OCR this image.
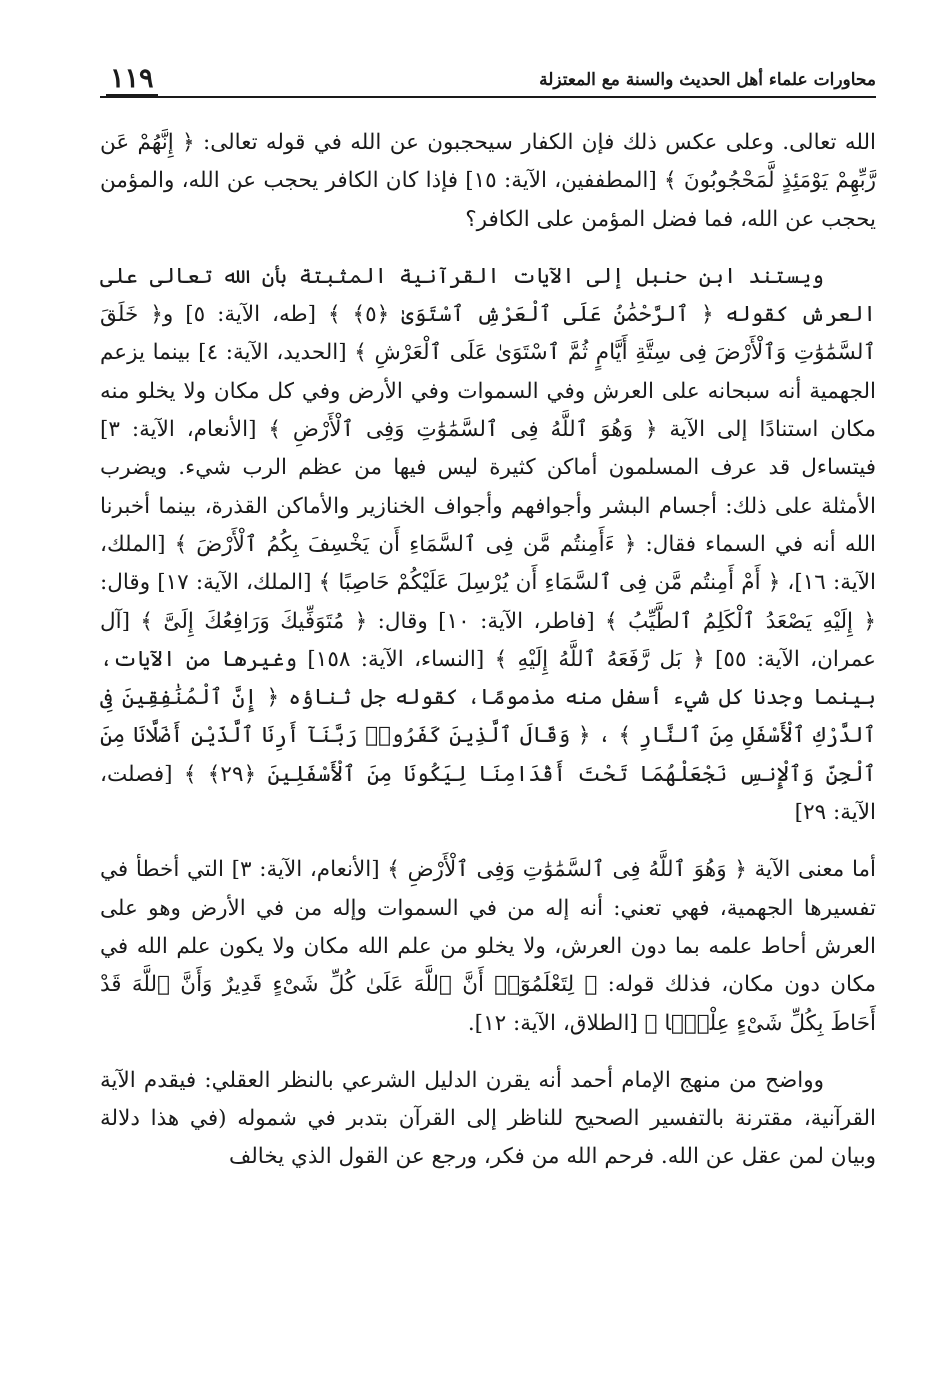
محاورات علماء أهل الحديث والسنة مع المعتزلة
١١٩

الله تعالى. وعلى عكس ذلك فإن الكفار سيحجبون عن الله في قوله تعالى: ﴿ إِنَّهُمْ عَن رَّبِّهِمْ يَوْمَئِذٍ لَّمَحْجُوبُونَ ﴾ [المطففين، الآية: ١٥] فإذا كان الكافر يحجب عن الله، والمؤمن يحجب عن الله، فما فضل المؤمن على الكافر؟

ويستند ابن حنبل إلى الآيات القرآنية المثبتة بأن الله تعالى على العرش كقوله ﴿ ٱلرَّحْمَٰنُ عَلَى ٱلْعَرْشِ ٱسْتَوَىٰ ﴿٥﴾ ﴾ [طه، الآية: ٥] و﴿ خَلَقَ ٱلسَّمَٰوَٰتِ وَٱلْأَرْضَ فِى سِتَّةِ أَيَّامٍ ثُمَّ ٱسْتَوَىٰ عَلَى ٱلْعَرْشِ ﴾ [الحديد، الآية: ٤] بينما يزعم الجهمية أنه سبحانه على العرش وفي السموات وفي الأرض وفي كل مكان ولا يخلو منه مكان استنادًا إلى الآية ﴿ وَهُوَ ٱللَّهُ فِى ٱلسَّمَٰوَٰتِ وَفِى ٱلْأَرْضِ ﴾ [الأنعام، الآية: ٣] فيتساءل قد عرف المسلمون أماكن كثيرة ليس فيها من عظم الرب شيء. ويضرب الأمثلة على ذلك: أجسام البشر وأجوافهم وأجواف الخنازير والأماكن القذرة، بينما أخبرنا الله أنه في السماء فقال: ﴿ ءَأَمِنتُم مَّن فِى ٱلسَّمَاءِ أَن يَخْسِفَ بِكُمُ ٱلْأَرْضَ ﴾ [الملك، الآية: ١٦]، ﴿ أَمْ أَمِنتُم مَّن فِى ٱلسَّمَاءِ أَن يُرْسِلَ عَلَيْكُمْ حَاصِبًا ﴾ [الملك، الآية: ١٧] وقال: ﴿ إِلَيْهِ يَصْعَدُ ٱلْكَلِمُ ٱلطَّيِّبُ ﴾ [فاطر، الآية: ١٠] وقال: ﴿ مُتَوَفِّيكَ وَرَافِعُكَ إِلَىَّ ﴾ [آل عمران، الآية: ٥٥] ﴿ بَل رَّفَعَهُ ٱللَّهُ إِلَيْهِ ﴾ [النساء، الآية: ١٥٨] وغيرها من الآيات، بينما وجدنا كل شيء أسفل منه مذمومًا، كقوله جل ثناؤه ﴿ إِنَّ ٱلْمُنَٰفِقِينَ فِى ٱلدَّرْكِ ٱلْأَسْفَلِ مِنَ ٱلنَّارِ ﴾ ، ﴿ وَقَالَ ٱلَّذِينَ كَفَرُوا۟ رَبَّنَآ أَرِنَا ٱلَّذَيْنِ أَضَلَّانَا مِنَ ٱلْجِنِّ وَٱلْإِنسِ نَجْعَلْهُمَا تَحْتَ أَقْدَامِنَا لِيَكُونَا مِنَ ٱلْأَسْفَلِينَ ﴿٢٩﴾ ﴾ [فصلت، الآية: ٢٩]

أما معنى الآية ﴿ وَهُوَ ٱللَّهُ فِى ٱلسَّمَٰوَٰتِ وَفِى ٱلْأَرْضِ ﴾ [الأنعام، الآية: ٣] التي أخطأ في تفسيرها الجهمية، فهي تعني: أنه إله من في السموات وإله من في الأرض وهو على العرش أحاط علمه بما دون العرش، ولا يخلو من علم الله مكان ولا يكون علم الله في مكان دون مكان، فذلك قوله: ﴿ لِتَعْلَمُوٓا۟ أَنَّ ٱللَّهَ عَلَىٰ كُلِّ شَىْءٍ قَدِيرٌ وَأَنَّ ٱللَّهَ قَدْ أَحَاطَ بِكُلِّ شَىْءٍ عِلْمًۢا ﴾ [الطلاق، الآية: ١٢].

وواضح من منهج الإمام أحمد أنه يقرن الدليل الشرعي بالنظر العقلي: فيقدم الآية القرآنية، مقترنة بالتفسير الصحيح للناظر إلى القرآن بتدبر في شموله (في هذا دلالة وبيان لمن عقل عن الله. فرحم الله من فكر، ورجع عن القول الذي يخالف
